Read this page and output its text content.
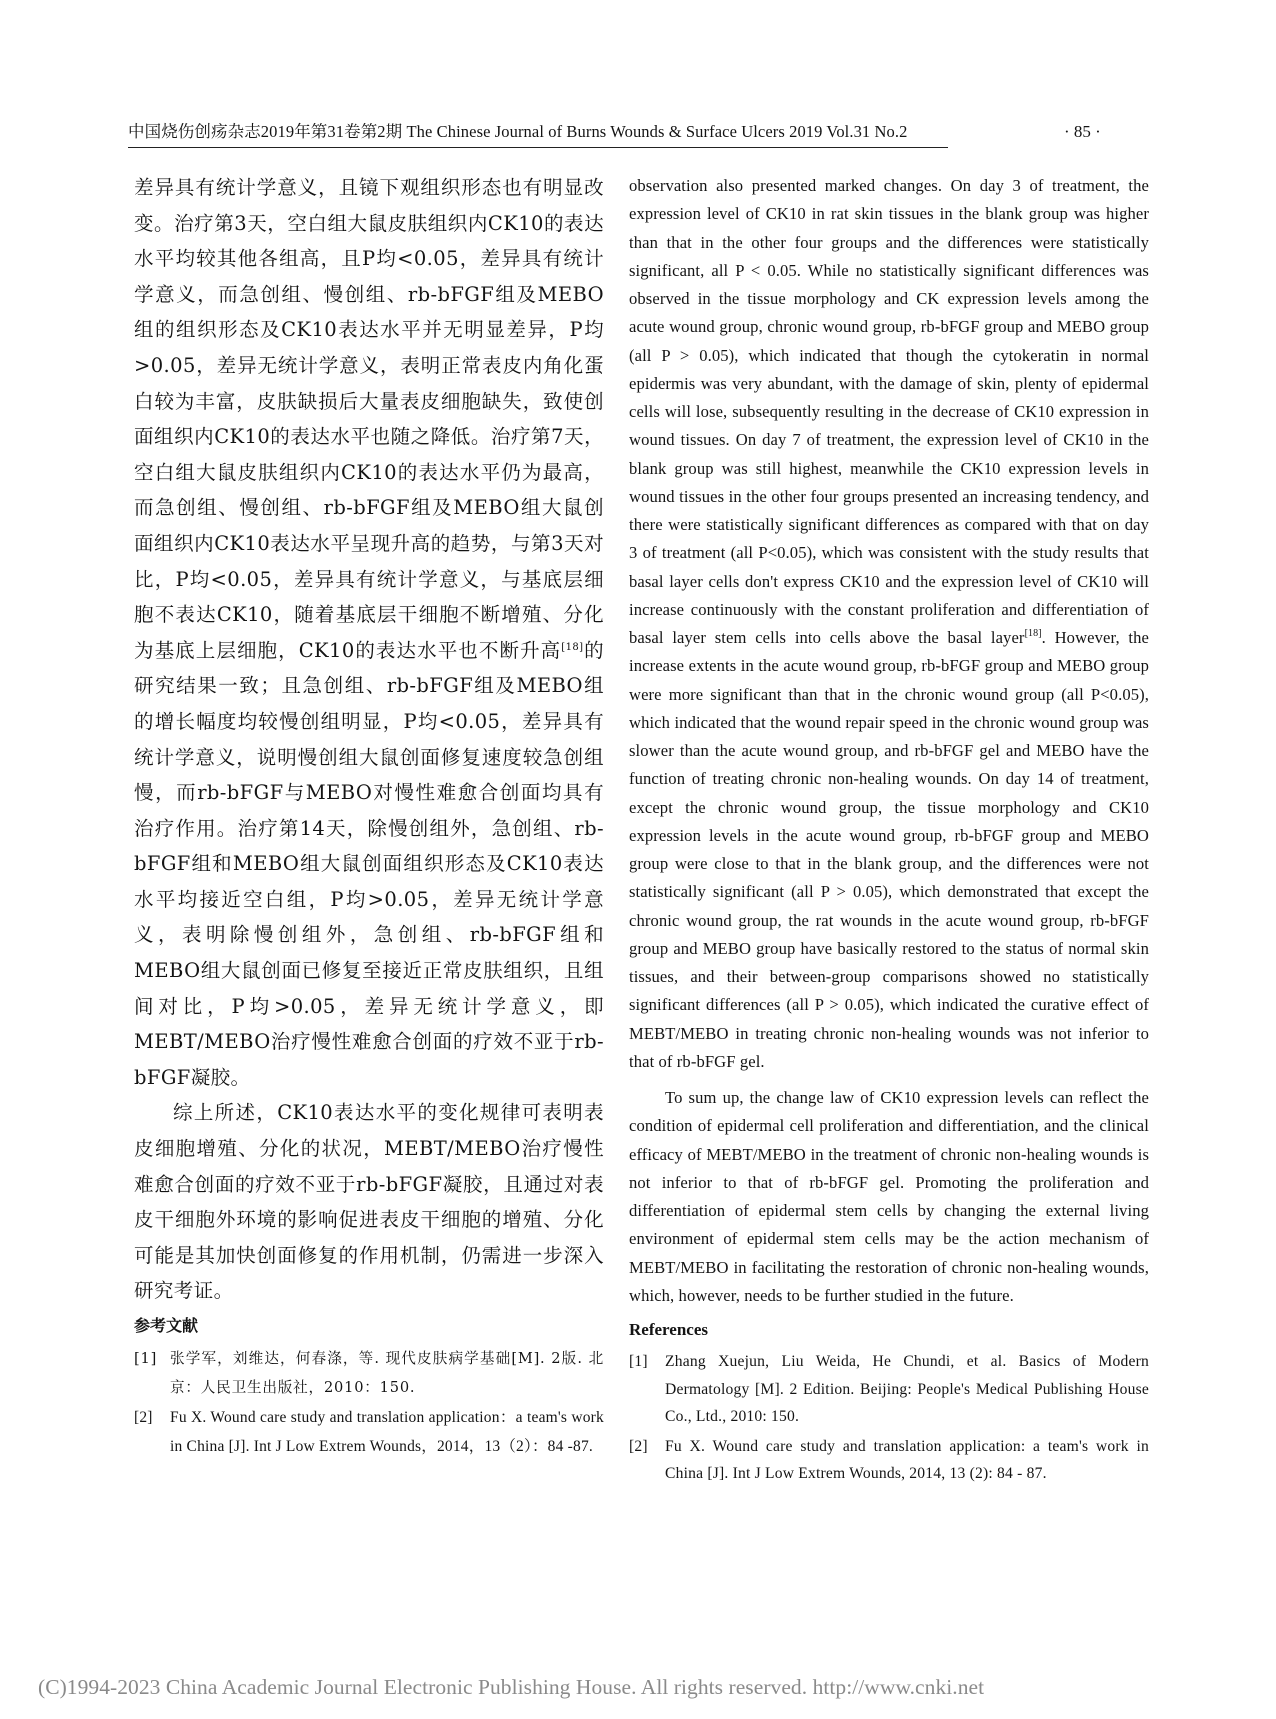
中国烧伤创疡杂志2019年第31卷第2期 The Chinese Journal of Burns Wounds & Surface Ulcers 2019 Vol.31 No.2	· 85 ·

差异具有统计学意义，且镜下观组织形态也有明显改变。治疗第3天，空白组大鼠皮肤组织内CK10的表达水平均较其他各组高，且P均<0.05，差异具有统计学意义，而急创组、慢创组、rb-bFGF组及MEBO组的组织形态及CK10表达水平并无明显差异，P均>0.05，差异无统计学意义，表明正常表皮内角化蛋白较为丰富，皮肤缺损后大量表皮细胞缺失，致使创面组织内CK10的表达水平也随之降低。治疗第7天，空白组大鼠皮肤组织内CK10的表达水平仍为最高，而急创组、慢创组、rb-bFGF组及MEBO组大鼠创面组织内CK10表达水平呈现升高的趋势，与第3天对比，P均<0.05，差异具有统计学意义，与基底层细胞不表达CK10，随着基底层干细胞不断增殖、分化为基底上层细胞，CK10的表达水平也不断升高[18]的研究结果一致；且急创组、rb-bFGF组及MEBO组的增长幅度均较慢创组明显，P均<0.05，差异具有统计学意义，说明慢创组大鼠创面修复速度较急创组慢，而rb-bFGF与MEBO对慢性难愈合创面均具有治疗作用。治疗第14天，除慢创组外，急创组、rb-bFGF组和MEBO组大鼠创面组织形态及CK10表达水平均接近空白组，P均>0.05，差异无统计学意义，表明除慢创组外，急创组、rb-bFGF组和MEBO组大鼠创面已修复至接近正常皮肤组织，且组间对比，P均>0.05，差异无统计学意义，即MEBT/MEBO治疗慢性难愈合创面的疗效不亚于rb-bFGF凝胶。

综上所述，CK10表达水平的变化规律可表明表皮细胞增殖、分化的状况，MEBT/MEBO治疗慢性难愈合创面的疗效不亚于rb-bFGF凝胶，且通过对表皮干细胞外环境的影响促进表皮干细胞的增殖、分化可能是其加快创面修复的作用机制，仍需进一步深入研究考证。

参考文献
[1] 张学军，刘维达，何春涤，等. 现代皮肤病学基础[M]. 2版. 北京：人民卫生出版社，2010：150.
[2] Fu X. Wound care study and translation application：a team's work in China [J]. Int J Low Extrem Wounds，2014，13（2）：84 -87.

observation also presented marked changes. On day 3 of treatment, the expression level of CK10 in rat skin tissues in the blank group was higher than that in the other four groups and the differences were statistically significant, all P < 0.05. While no statistically significant differences was observed in the tissue morphology and CK expression levels among the acute wound group, chronic wound group, rb-bFGF group and MEBO group (all P > 0.05), which indicated that though the cytokeratin in normal epidermis was very abundant, with the damage of skin, plenty of epidermal cells will lose, subsequently resulting in the decrease of CK10 expression in wound tissues. On day 7 of treatment, the expression level of CK10 in the blank group was still highest, meanwhile the CK10 expression levels in wound tissues in the other four groups presented an increasing tendency, and there were statistically significant differences as compared with that on day 3 of treatment (all P<0.05), which was consistent with the study results that basal layer cells don't express CK10 and the expression level of CK10 will increase continuously with the constant proliferation and differentiation of basal layer stem cells into cells above the basal layer[18]. However, the increase extents in the acute wound group, rb-bFGF group and MEBO group were more significant than that in the chronic wound group (all P<0.05), which indicated that the wound repair speed in the chronic wound group was slower than the acute wound group, and rb-bFGF gel and MEBO have the function of treating chronic non-healing wounds. On day 14 of treatment, except the chronic wound group, the tissue morphology and CK10 expression levels in the acute wound group, rb-bFGF group and MEBO group were close to that in the blank group, and the differences were not statistically significant (all P > 0.05), which demonstrated that except the chronic wound group, the rat wounds in the acute wound group, rb-bFGF group and MEBO group have basically restored to the status of normal skin tissues, and their between-group comparisons showed no statistically significant differences (all P > 0.05), which indicated the curative effect of MEBT/MEBO in treating chronic non-healing wounds was not inferior to that of rb-bFGF gel.

To sum up, the change law of CK10 expression levels can reflect the condition of epidermal cell proliferation and differentiation, and the clinical efficacy of MEBT/MEBO in the treatment of chronic non-healing wounds is not inferior to that of rb-bFGF gel. Promoting the proliferation and differentiation of epidermal stem cells by changing the external living environment of epidermal stem cells may be the action mechanism of MEBT/MEBO in facilitating the restoration of chronic non-healing wounds, which, however, needs to be further studied in the future.

References
[1] Zhang Xuejun, Liu Weida, He Chundi, et al. Basics of Modern Dermatology [M]. 2 Edition. Beijing: People's Medical Publishing House Co., Ltd., 2010: 150.
[2] Fu X. Wound care study and translation application: a team's work in China [J]. Int J Low Extrem Wounds, 2014, 13 (2): 84 - 87.
(C)1994-2023 China Academic Journal Electronic Publishing House. All rights reserved. http://www.cnki.net
